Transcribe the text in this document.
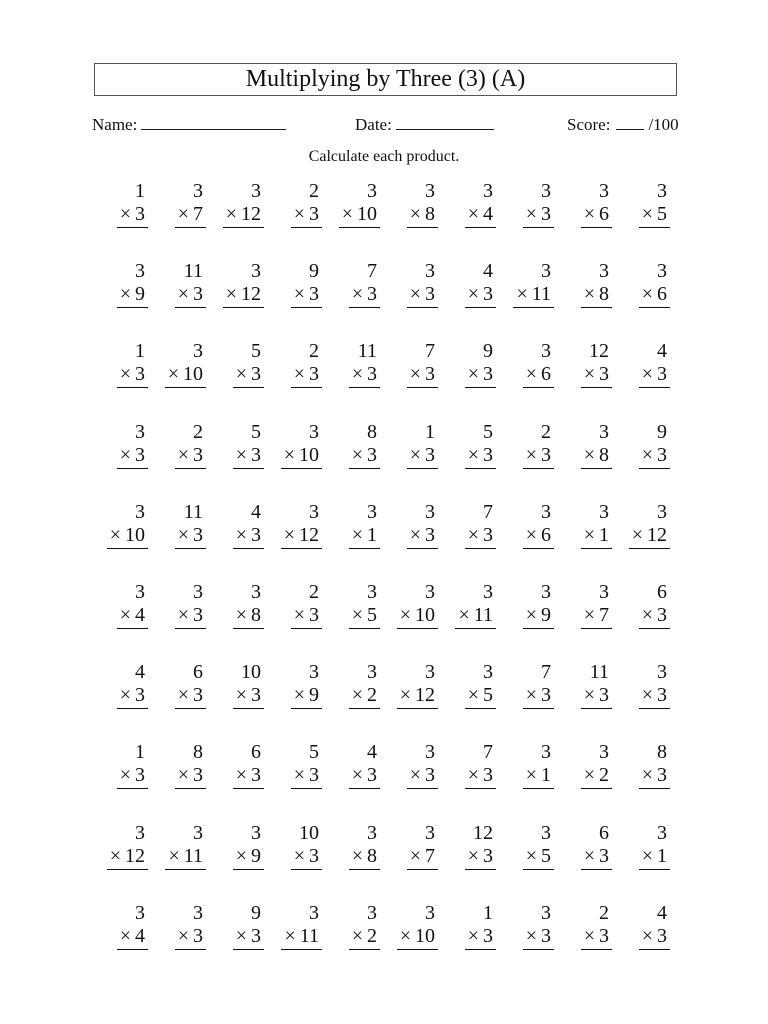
Multiplying by Three (3) (A)
Name:	Date:	Score: /100
Calculate each product.
1
× 3
3
× 7
3
× 12
2
× 3
3
× 10
3
× 8
3
× 4
3
× 3
3
× 6
3
× 5
3
× 9
11
× 3
3
× 12
9
× 3
7
× 3
3
× 3
4
× 3
3
× 11
3
× 8
3
× 6
1
× 3
3
× 10
5
× 3
2
× 3
11
× 3
7
× 3
9
× 3
3
× 6
12
× 3
4
× 3
3
× 3
2
× 3
5
× 3
3
× 10
8
× 3
1
× 3
5
× 3
2
× 3
3
× 8
9
× 3
3
× 10
11
× 3
4
× 3
3
× 12
3
× 1
3
× 3
7
× 3
3
× 6
3
× 1
3
× 12
3
× 4
3
× 3
3
× 8
2
× 3
3
× 5
3
× 10
3
× 11
3
× 9
3
× 7
6
× 3
4
× 3
6
× 3
10
× 3
3
× 9
3
× 2
3
× 12
3
× 5
7
× 3
11
× 3
3
× 3
1
× 3
8
× 3
6
× 3
5
× 3
4
× 3
3
× 3
7
× 3
3
× 1
3
× 2
8
× 3
3
× 12
3
× 11
3
× 9
10
× 3
3
× 8
3
× 7
12
× 3
3
× 5
6
× 3
3
× 1
3
× 4
3
× 3
9
× 3
3
× 11
3
× 2
3
× 10
1
× 3
3
× 3
2
× 3
4
× 3
